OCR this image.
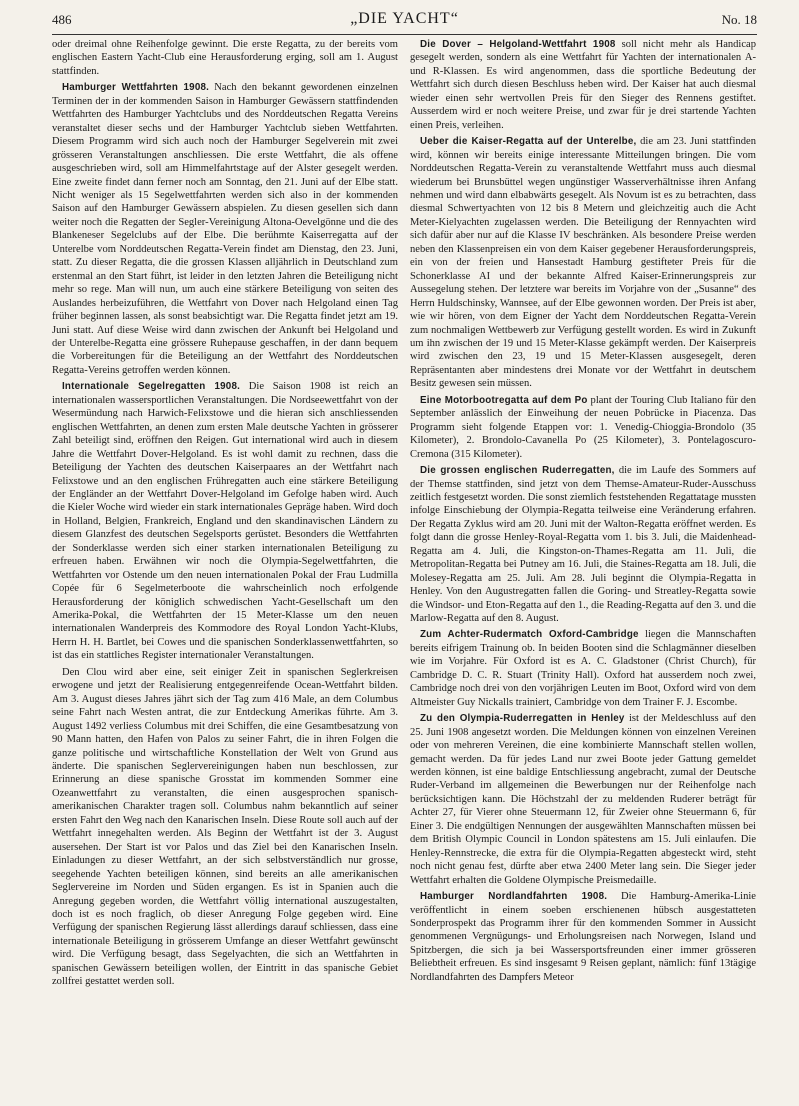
486	„DIE YACHT“	No. 18

oder dreimal ohne Reihenfolge gewinnt. Die erste Regatta, zu der bereits vom englischen Eastern Yacht-Club eine Herausforderung erging, soll am 1. August stattfinden.

Hamburger Wettfahrten 1908. Nach den bekannt gewordenen einzelnen Terminen der in der kommenden Saison in Hamburger Gewässern stattfindenden Wettfahrten des Hamburger Yachtclubs und des Norddeutschen Regatta Vereins veranstaltet dieser sechs und der Hamburger Yachtclub sieben Wettfahrten. Diesem Programm wird sich auch noch der Hamburger Segelverein mit zwei grösseren Veranstaltungen anschliessen. Die erste Wettfahrt, die als offene ausgeschrieben wird, soll am Himmelfahrtstage auf der Alster gesegelt werden. Eine zweite findet dann ferner noch am Sonntag, den 21. Juni auf der Elbe statt. Nicht weniger als 15 Segelwettfahrten werden sich also in der kommenden Saison auf den Hamburger Gewässern abspielen. Zu diesen gesellen sich dann weiter noch die Regatten der Segler-Vereinigung Altona-Oevelgönne und die des Blankeneser Segelclubs auf der Elbe. Die berühmte Kaiserregatta auf der Unterelbe vom Norddeutschen Regatta-Verein findet am Dienstag, den 23. Juni, statt. Zu dieser Regatta, die die grossen Klassen alljährlich in Deutschland zum erstenmal an den Start führt, ist leider in den letzten Jahren die Beteiligung nicht mehr so rege. Man will nun, um auch eine stärkere Beteiligung von seiten des Auslandes herbeizuführen, die Wettfahrt von Dover nach Helgoland einen Tag früher beginnen lassen, als sonst beabsichtigt war. Die Regatta findet jetzt am 19. Juni statt. Auf diese Weise wird dann zwischen der Ankunft bei Helgoland und der Unterelbe-Regatta eine grössere Ruhepause geschaffen, in der dann bequem die Vorbereitungen für die Beteiligung an der Wettfahrt des Norddeutschen Regatta-Vereins getroffen werden können.

Internationale Segelregatten 1908. Die Saison 1908 ist reich an internationalen wassersportlichen Veranstaltungen. Die Nordseewettfahrt von der Wesermündung nach Harwich-Felixstowe und die hieran sich anschliessenden englischen Wettfahrten, an denen zum ersten Male deutsche Yachten in grösserer Zahl beteiligt sind, eröffnen den Reigen. Gut international wird auch in diesem Jahre die Wettfahrt Dover-Helgoland. Es ist wohl damit zu rechnen, dass die Beteiligung der Yachten des deutschen Kaiserpaares an der Wettfahrt nach Felixstowe und an den englischen Frühregatten auch eine stärkere Beteiligung der Engländer an der Wettfahrt Dover-Helgoland im Gefolge haben wird. Auch die Kieler Woche wird wieder ein stark internationales Gepräge haben. Wird doch in Holland, Belgien, Frankreich, England und den skandinavischen Ländern zu diesem Glanzfest des deutschen Segelsports gerüstet. Besonders die Wettfahrten der Sonderklasse werden sich einer starken internationalen Beteiligung zu erfreuen haben. Erwähnen wir noch die Olympia-Segelwettfahrten, die Wettfahrten vor Ostende um den neuen internationalen Pokal der Frau Ludmilla Copée für 6 Segelmeterboote die wahrscheinlich noch erfolgende Herausforderung der königlich schwedischen Yacht-Gesellschaft um den Amerika-Pokal, die Wettfahrten der 15 Meter-Klasse um den neuen internationalen Wanderpreis des Kommodore des Royal London Yacht-Klubs, Herrn H. H. Bartlet, bei Cowes und die spanischen Sonderklassenwettfahrten, so ist das ein stattliches Register internationaler Veranstaltungen.

Den Clou wird aber eine, seit einiger Zeit in spanischen Seglerkreisen erwogene und jetzt der Realisierung entgegenreifende Ocean-Wettfahrt bilden. Am 3. August dieses Jahres jährt sich der Tag zum 416 Male, an dem Columbus seine Fahrt nach Westen antrat, die zur Entdeckung Amerikas führte. Am 3. August 1492 verliess Columbus mit drei Schiffen, die eine Gesamtbesatzung von 90 Mann hatten, den Hafen von Palos zu seiner Fahrt, die in ihren Folgen die ganze politische und wirtschaftliche Konstellation der Welt von Grund aus änderte. Die spanischen Seglervereinigungen haben nun beschlossen, zur Erinnerung an diese spanische Grosstat im kommenden Sommer eine Ozeanwettfahrt zu veranstalten, die einen ausgesprochen spanisch-amerikanischen Charakter tragen soll. Columbus nahm bekanntlich auf seiner ersten Fahrt den Weg nach den Kanarischen Inseln. Diese Route soll auch auf der Wettfahrt innegehalten werden. Als Beginn der Wettfahrt ist der 3. August ausersehen. Der Start ist vor Palos und das Ziel bei den Kanarischen Inseln. Einladungen zu dieser Wettfahrt, an der sich selbstverständlich nur grosse, seegehende Yachten beteiligen können, sind bereits an alle amerikanischen Seglervereine im Norden und Süden ergangen. Es ist in Spanien auch die Anregung gegeben worden, die Wettfahrt völlig international auszugestalten, doch ist es noch fraglich, ob dieser Anregung Folge gegeben wird. Eine Verfügung der spanischen Regierung lässt allerdings darauf schliessen, dass eine internationale Beteiligung in grösserem Umfange an dieser Wettfahrt gewünscht wird. Die Verfügung besagt, dass Segelyachten, die sich an Wettfahrten in spanischen Gewässern beteiligen wollen, der Eintritt in das spanische Gebiet zollfrei gestattet werden soll.

Die Dover – Helgoland-Wettfahrt 1908 soll nicht mehr als Handicap gesegelt werden, sondern als eine Wettfahrt für Yachten der internationalen A- und R-Klassen. Es wird angenommen, dass die sportliche Bedeutung der Wettfahrt sich durch diesen Beschluss heben wird. Der Kaiser hat auch diesmal wieder einen sehr wertvollen Preis für den Sieger des Rennens gestiftet. Ausserdem wird er noch weitere Preise, und zwar für je drei startende Yachten einen Preis, verleihen.

Ueber die Kaiser-Regatta auf der Unterelbe, die am 23. Juni stattfinden wird, können wir bereits einige interessante Mitteilungen bringen. Die vom Norddeutschen Regatta-Verein zu veranstaltende Wettfahrt muss auch diesmal wiederum bei Brunsbüttel wegen ungünstiger Wasserverhältnisse ihren Anfang nehmen und wird dann elbabwärts gesegelt. Als Novum ist es zu betrachten, dass diesmal Schwertyachten von 12 bis 8 Metern und gleichzeitig auch die Acht Meter-Kielyachten zugelassen werden. Die Beteiligung der Rennyachten wird sich dafür aber nur auf die Klasse IV beschränken. Als besondere Preise werden neben den Klassenpreisen ein von dem Kaiser gegebener Herausforderungspreis, ein von der freien und Hansestadt Hamburg gestifteter Preis für die Schonerklasse AI und der bekannte Alfred Kaiser-Erinnerungspreis zur Aussegelung stehen. Der letztere war bereits im Vorjahre von der „Susanne“ des Herrn Huldschinsky, Wannsee, auf der Elbe gewonnen worden. Der Preis ist aber, wie wir hören, von dem Eigner der Yacht dem Norddeutschen Regatta-Verein zum nochmaligen Wettbewerb zur Verfügung gestellt worden. Es wird in Zukunft um ihn zwischen der 19 und 15 Meter-Klasse gekämpft werden. Der Kaiserpreis wird zwischen den 23, 19 und 15 Meter-Klassen ausgesegelt, deren Repräsentanten aber mindestens drei Monate vor der Wettfahrt in deutschem Besitz gewesen sein müssen.

Eine Motorbootregatta auf dem Po plant der Touring Club Italiano für den September anlässlich der Einweihung der neuen Pobrücke in Piacenza. Das Programm sieht folgende Etappen vor: 1. Venedig-Chioggia-Brondolo (35 Kilometer), 2. Brondolo-Cavanella Po (25 Kilometer), 3. Pontelagoscuro-Cremona (315 Kilometer).

Die grossen englischen Ruderregatten, die im Laufe des Sommers auf der Themse stattfinden, sind jetzt von dem Themse-Amateur-Ruder-Ausschuss zeitlich festgesetzt worden. Die sonst ziemlich feststehenden Regattatage mussten infolge Einschiebung der Olympia-Regatta teilweise eine Veränderung erfahren. Der Regatta Zyklus wird am 20. Juni mit der Walton-Regatta eröffnet werden. Es folgt dann die grosse Henley-Royal-Regatta vom 1. bis 3. Juli, die Maidenhead-Regatta am 4. Juli, die Kingston-on-Thames-Regatta am 11. Juli, die Metropolitan-Regatta bei Putney am 16. Juli, die Staines-Regatta am 18. Juli, die Molesey-Regatta am 25. Juli. Am 28. Juli beginnt die Olympia-Regatta in Henley. Von den Augustregatten fallen die Goring- und Streatley-Regatta sowie die Windsor- und Eton-Regatta auf den 1., die Reading-Regatta auf den 3. und die Marlow-Regatta auf den 8. August.

Zum Achter-Rudermatch Oxford-Cambridge liegen die Mannschaften bereits eifrigem Trainung ob. In beiden Booten sind die Schlagmänner dieselben wie im Vorjahre. Für Oxford ist es A. C. Gladstoner (Christ Church), für Cambridge D. C. R. Stuart (Trinity Hall). Oxford hat ausserdem noch zwei, Cambridge noch drei von den vorjährigen Leuten im Boot, Oxford wird von dem Altmeister Guy Nickalls trainiert, Cambridge von dem Trainer F. J. Escombe.

Zu den Olympia-Ruderregatten in Henley ist der Meldeschluss auf den 25. Juni 1908 angesetzt worden. Die Meldungen können von einzelnen Vereinen oder von mehreren Vereinen, die eine kombinierte Mannschaft stellen wollen, gemacht werden. Da für jedes Land nur zwei Boote jeder Gattung gemeldet werden können, ist eine baldige Entschliessung angebracht, zumal der Deutsche Ruder-Verband im allgemeinen die Bewerbungen nur der Reihenfolge nach berücksichtigen kann. Die Höchstzahl der zu meldenden Ruderer beträgt für Achter 27, für Vierer ohne Steuermann 12, für Zweier ohne Steuermann 6, für Einer 3. Die endgültigen Nennungen der ausgewählten Mannschaften müssen bei dem British Olympic Council in London spätestens am 15. Juli einlaufen. Die Henley-Rennstrecke, die extra für die Olympia-Regatten abgesteckt wird, steht noch nicht genau fest, dürfte aber etwa 2400 Meter lang sein. Die Sieger jeder Wettfahrt erhalten die Goldene Olympische Preismedaille.

Hamburger Nordlandfahrten 1908. Die Hamburg-Amerika-Linie veröffentlicht in einem soeben erschienenen hübsch ausgestatteten Sonderprospekt das Programm ihrer für den kommenden Sommer in Aussicht genommenen Vergnügungs- und Erholungsreisen nach Norwegen, Island und Spitzbergen, die sich ja bei Wassersportsfreunden einer immer grösseren Beliebtheit erfreuen. Es sind insgesamt 9 Reisen geplant, nämlich: fünf 13tägige Nordlandfahrten des Dampfers Meteor
